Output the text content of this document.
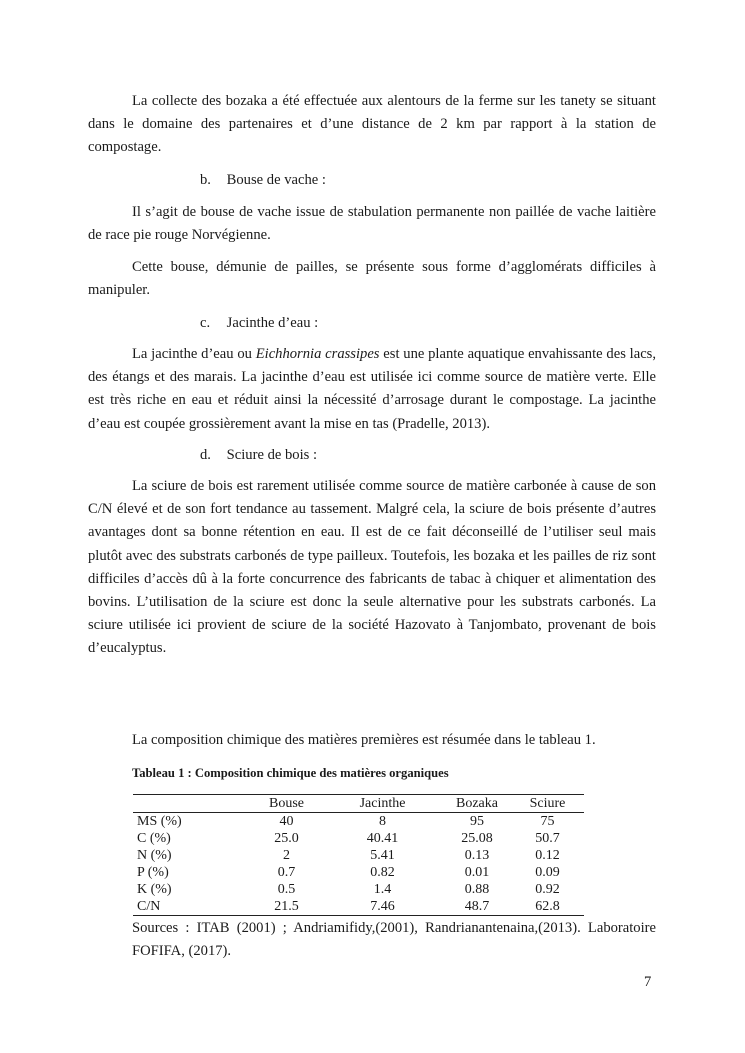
La collecte des bozaka a été effectuée aux alentours de la ferme sur les tanety se situant dans le domaine des partenaires et d’une distance de 2 km par rapport à la station de compostage.

b. Bouse de vache :

Il s’agit de bouse de vache issue de stabulation permanente non paillée de vache laitière de race pie rouge Norvégienne.

Cette bouse, démunie de pailles, se présente sous forme d’agglomérats difficiles à manipuler.

c. Jacinthe d’eau :

La jacinthe d’eau ou Eichhornia crassipes est une plante aquatique envahissante des lacs, des étangs et des marais. La jacinthe d’eau est utilisée ici comme source de matière verte. Elle est très riche en eau et réduit ainsi la nécessité d’arrosage durant le compostage. La jacinthe d’eau est coupée grossièrement avant la mise en tas (Pradelle, 2013).

d. Sciure de bois :

La sciure de bois est rarement utilisée comme source de matière carbonée à cause de son C/N élevé et de son fort tendance au tassement. Malgré cela, la sciure de bois présente d’autres avantages dont sa bonne rétention en eau. Il est de ce fait déconseillé de l’utiliser seul mais plutôt avec des substrats carbonés de type pailleux. Toutefois, les bozaka et les pailles de riz sont difficiles d’accès dû à la forte concurrence des fabricants de tabac à chiquer et alimentation des bovins. L’utilisation de la sciure est donc la seule alternative pour les substrats carbonés. La sciure utilisée ici provient de sciure de la société Hazovato à Tanjombato, provenant de bois d’eucalyptus.

La composition chimique des matières premières est résumée dans le tableau 1.

Tableau 1 : Composition chimique des matières organiques

	Bouse	Jacinthe	Bozaka	Sciure
MS (%)	40	8	95	75
C (%)	25.0	40.41	25.08	50.7
N (%)	2	5.41	0.13	0.12
P (%)	0.7	0.82	0.01	0.09
K (%)	0.5	1.4	0.88	0.92
C/N	21.5	7.46	48.7	62.8

Sources : ITAB (2001) ; Andriamifidy,(2001), Randrianantenaina,(2013). Laboratoire
FOFIFA, (2017).

7
